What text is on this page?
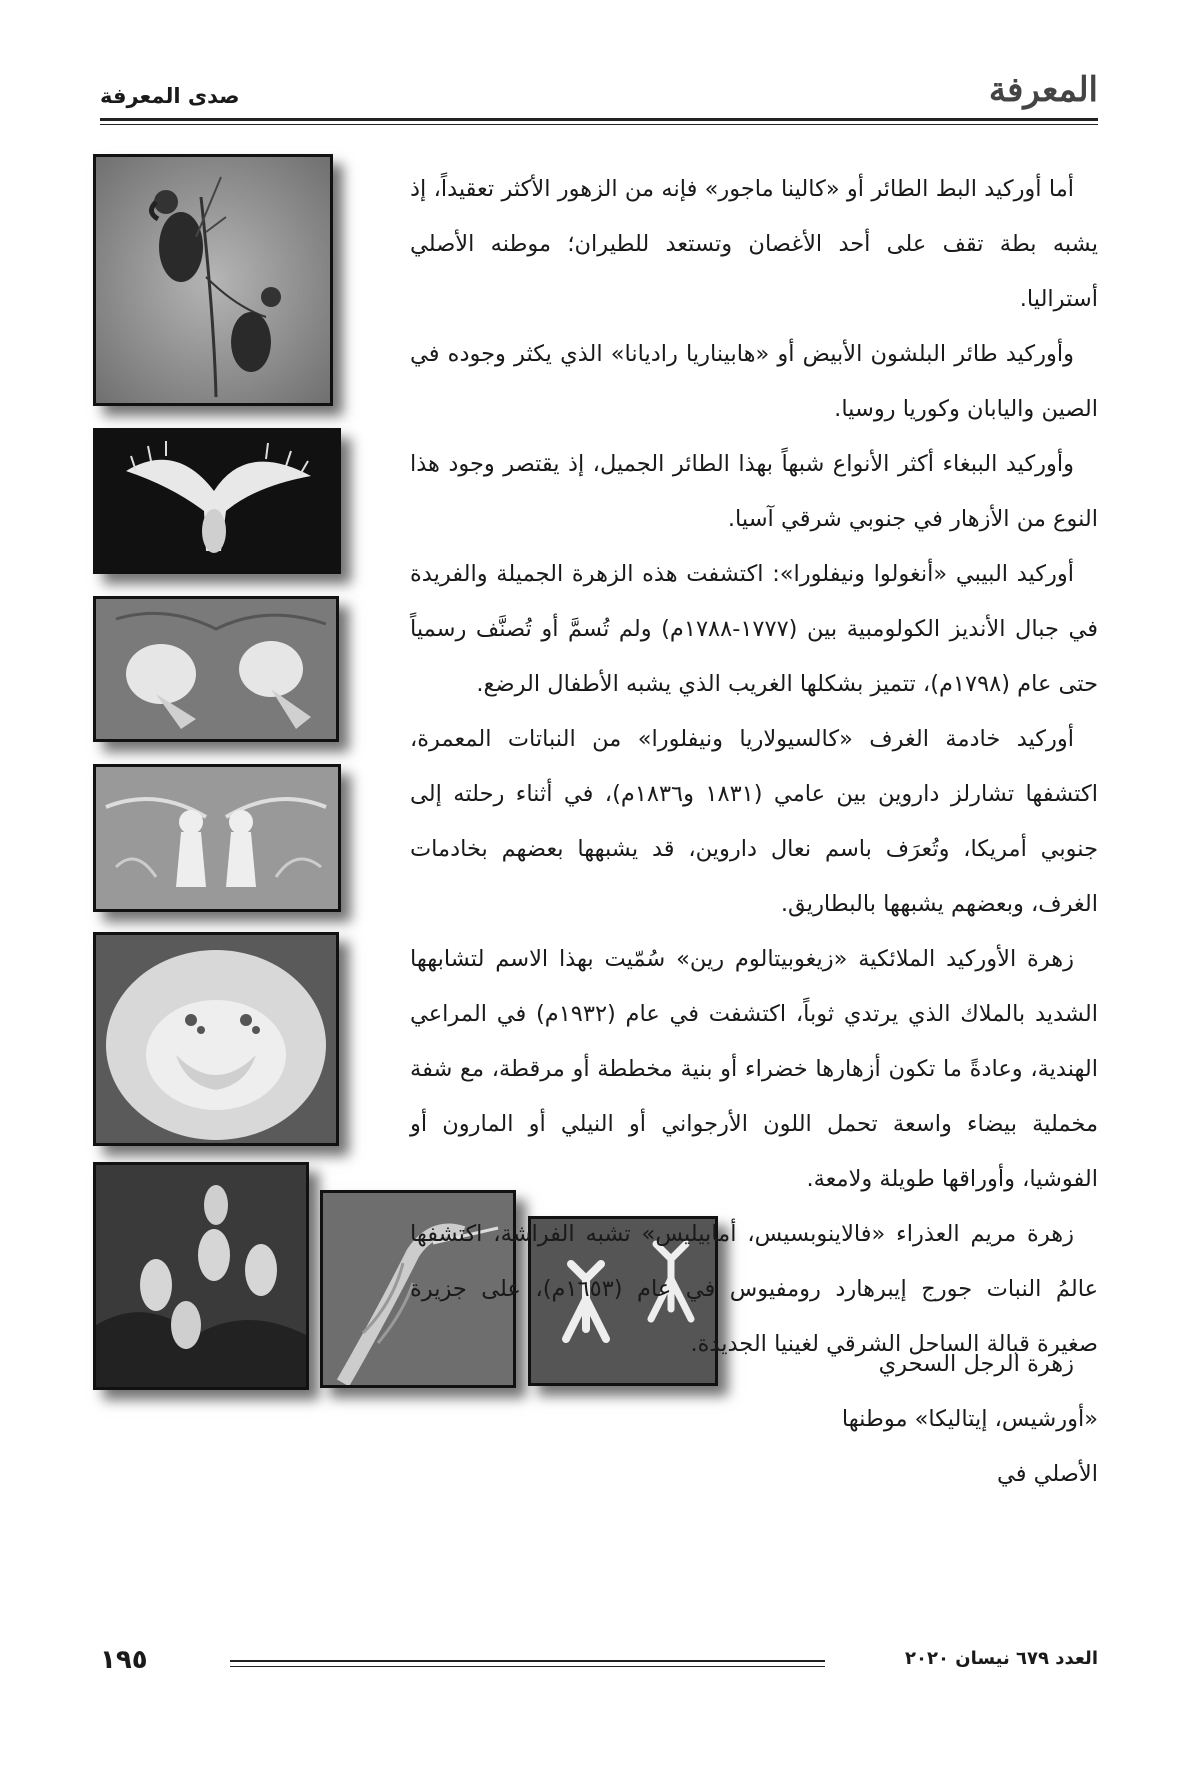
صدى المعرفة	المعرفة

أما أوركيد البط الطائر أو «كالينا ماجور» فإنه من الزهور الأكثر تعقيداً، إذ يشبه بطة تقف على أحد الأغصان وتستعد للطيران؛ موطنه الأصلي أستراليا.

وأوركيد طائر البلشون الأبيض أو «هابيناريا راديانا» الذي يكثر وجوده في الصين واليابان وكوريا روسيا.

وأوركيد الببغاء أكثر الأنواع شبهاً بهذا الطائر الجميل، إذ يقتصر وجود هذا النوع من الأزهار في جنوبي شرقي آسيا.

أوركيد البيبي «أنغولوا ونيفلورا»: اكتشفت هذه الزهرة الجميلة والفريدة في جبال الأنديز الكولومبية بين (١٧٧٧-١٧٨٨م) ولم تُسمَّ أو تُصنَّف رسمياً حتى عام (١٧٩٨م)، تتميز بشكلها الغريب الذي يشبه الأطفال الرضع.

أوركيد خادمة الغرف «كالسيولاريا ونيفلورا» من النباتات المعمرة، اكتشفها تشارلز داروين بين عامي (١٨٣١ و١٨٣٦م)، في أثناء رحلته إلى جنوبي أمريكا، وتُعرَف باسم نعال داروين، قد يشبهها بعضهم بخادمات الغرف، وبعضهم يشبهها بالبطاريق.

زهرة الأوركيد الملائكية «زيغوبيتالوم رين» سُمّيت بهذا الاسم لتشابهها الشديد بالملاك الذي يرتدي ثوباً، اكتشفت في عام (١٩٣٢م) في المراعي الهندية، وعادةً ما تكون أزهارها خضراء أو بنية مخططة أو مرقطة، مع شفة مخملية بيضاء واسعة تحمل اللون الأرجواني أو النيلي أو المارون أو الفوشيا، وأوراقها طويلة ولامعة.

زهرة مريم العذراء «فالاينوبسيس، أمابيليس» تشبه الفراشة، اكتشفها عالمُ النبات جورج إيبرهارد رومفيوس في عام (١٦٥٣م)، على جزيرة صغيرة قبالة الساحل الشرقي لغينيا الجديدة.

زهرة الرجل السحري «أورشيس، إيتاليكا» موطنها الأصلي في

١٩٥	العدد ٦٧٩ نيسان ٢٠٢٠
